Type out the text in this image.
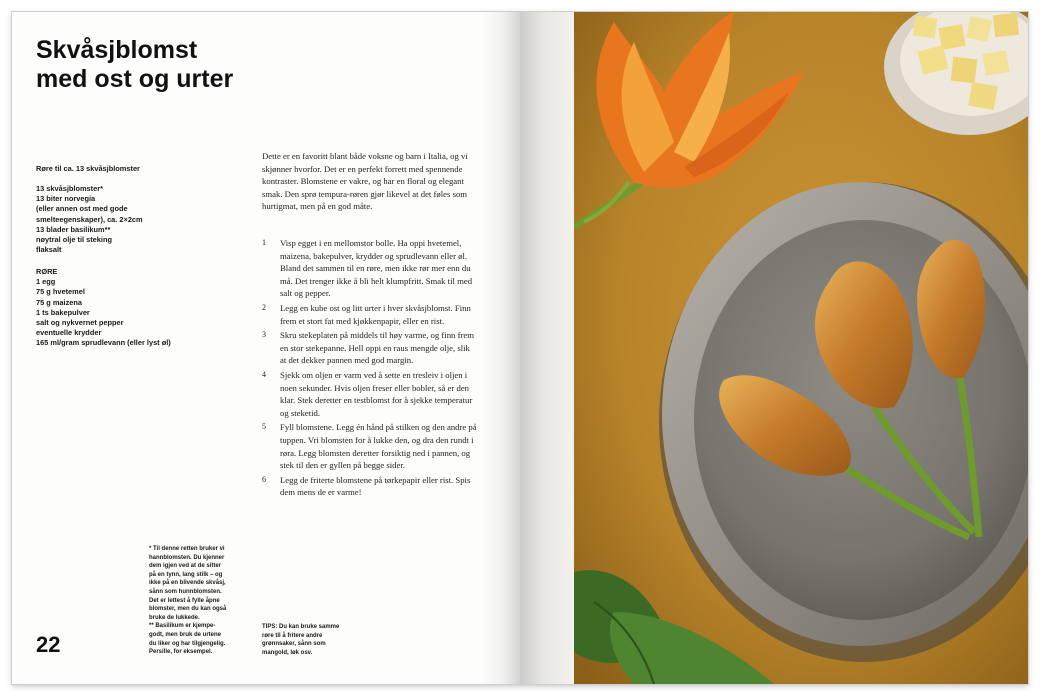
Skvåsjblomst
med ost og urter
Røre til ca. 13 skvåsjblomster
13 skvåsjblomster*
13 biter norvegia
(eller annen ost med gode
smelteegenskaper), ca. 2×2cm
13 blader basilikum**
nøytral olje til steking
flaksalt
RØRE
1 egg
75 g hvetemel
75 g maizena
1 ts bakepulver
salt og nykvernet pepper
eventuelle krydder
165 ml/gram sprudlevann (eller lyst øl)
Dette er en favoritt blant både voksne og barn i Italia, og vi skjønner hvorfor. Det er en perfekt forrett med spennende kontraster. Blomstene er vakre, og har en floral og elegant smak. Den sprø tempura-røren gjør likevel at det føles som hurtigmat, men på en god måte.
1 Visp egget i en mellomstor bolle. Ha oppi hvetemel, maizena, bakepulver, krydder og sprudlevann eller øl. Bland det sammen til en røre, men ikke rør mer enn du må. Det trenger ikke å bli helt klumpfritt. Smak til med salt og pepper.
2 Legg en kube ost og litt urter i hver skvåsjblomst. Finn frem et stort fat med kjøkkenpapir, eller en rist.
3 Skru stekeplaten på middels til høy varme, og finn frem en stor stekepanne. Hell oppi en raus mengde olje, slik at det dekker pannen med god margin.
4 Sjekk om oljen er varm ved å sette en tresleiv i oljen i noen sekunder. Hvis oljen freser eller bobler, så er den klar. Stek deretter en testblomst for å sjekke temperatur og steketid.
5 Fyll blomstene. Legg én hånd på stilken og den andre på tuppen. Vri blomsten for å lukke den, og dra den rundt i røra. Legg blomsten deretter forsiktig ned i pannen, og stek til den er gyllen på begge sider.
6 Legg de friterte blomstene på tørkepapir eller rist. Spis dem mens de er varme!
* Til denne retten bruker vi
hannblomsten. Du kjenner
dem igjen ved at de sitter
på en tynn, lang stilk – og
ikke på en blivende skvåsj,
sånn som hunnblomsten.
Det er lettest å fylle åpne
blomster, men du kan også
bruke de lukkede.
** Basilikum er kjempe-
godt, men bruk de urtene
du liker og har tilgjengelig.
Persille, for eksempel.
TIPS: Du kan bruke samme
røre til å fritere andre
grønnsaker, sånn som
mangold, løk osv.
22
